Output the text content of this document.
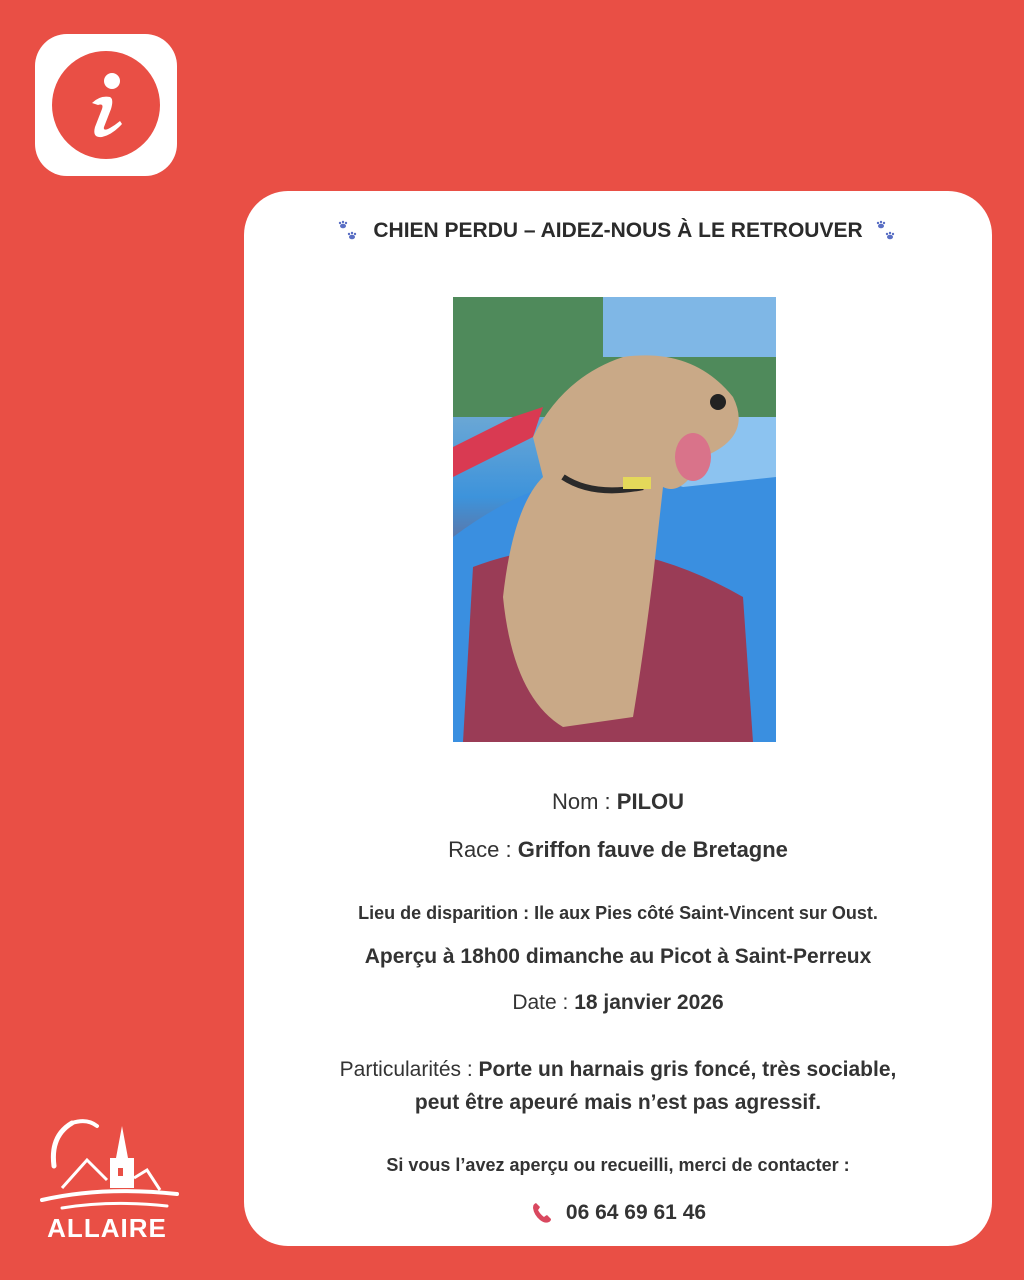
CHIEN PERDU – AIDEZ-NOUS À LE RETROUVER
Nom : PILOU
Race : Griffon fauve de Bretagne
Lieu de disparition : Ile aux Pies côté Saint-Vincent sur Oust.
Aperçu à 18h00 dimanche au Picot à Saint-Perreux
Date : 18 janvier 2026
Particularités : Porte un harnais gris foncé, très sociable,
peut être apeuré mais n’est pas agressif.
Si vous l’avez aperçu ou recueilli, merci de contacter :
06 64 69 61 46
ALLAIRE
